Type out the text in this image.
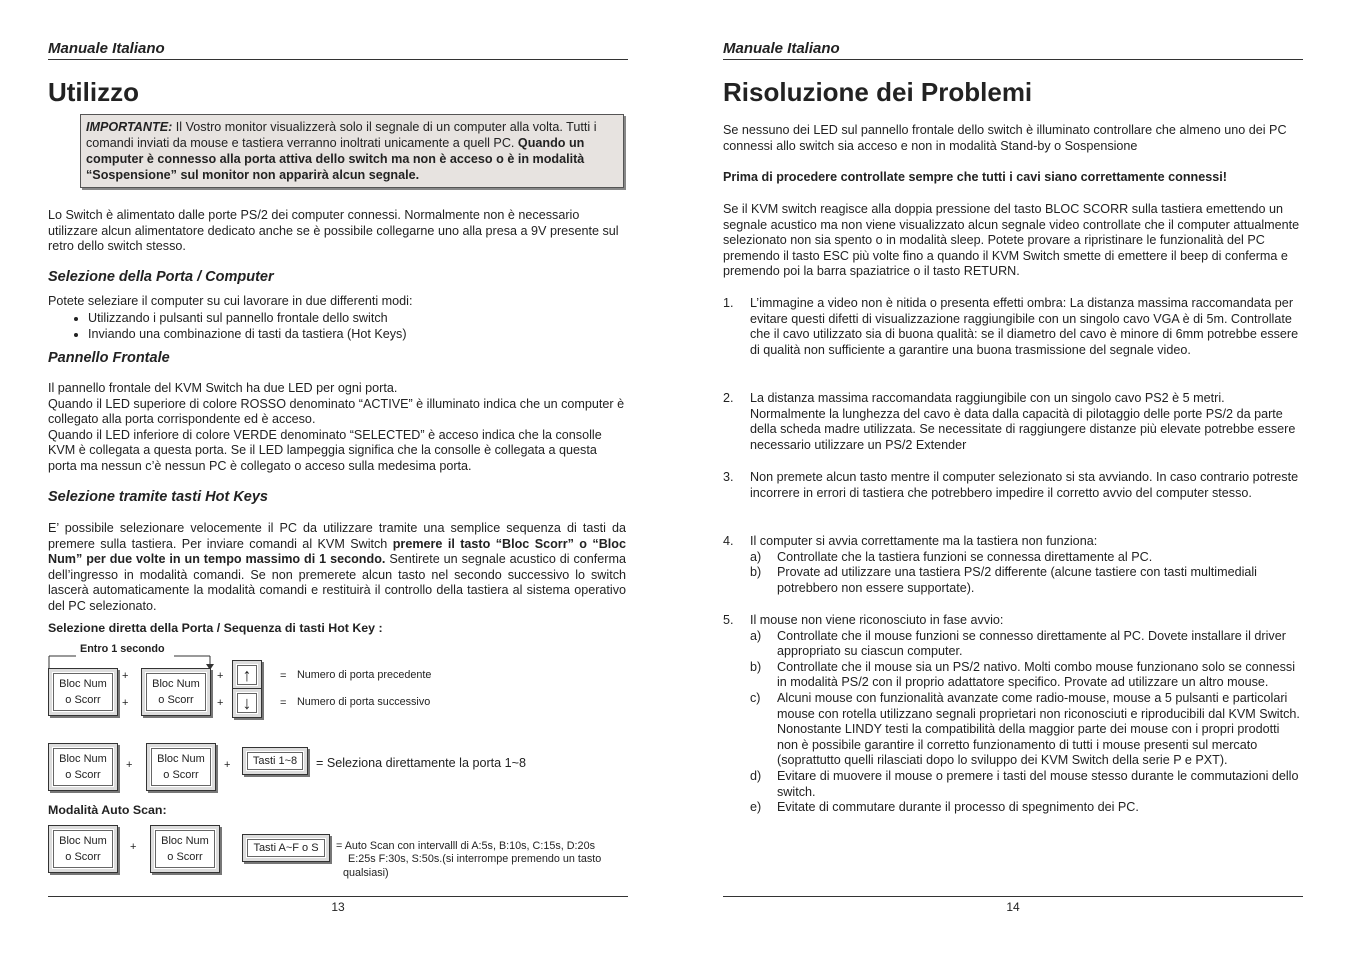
Manuale Italiano
Utilizzo
IMPORTANTE: Il Vostro monitor visualizzerà solo il segnale di un computer alla volta. Tutti i comandi inviati da mouse e tastiera verranno inoltrati unicamente a quell PC. Quando un computer è connesso alla porta attiva dello switch ma non è acceso o è in modalità “Sospensione” sul monitor non apparirà alcun segnale.

Lo Switch è alimentato dalle porte PS/2 dei computer connessi. Normalmente non è necessario utilizzare alcun alimentatore dedicato anche se è possibile collegarne uno alla presa a 9V presente sul retro dello switch stesso.

Selezione della Porta / Computer

Potete seleziare il computer su cui lavorare in due differenti modi:

• Utilizzando i pulsanti sul pannello frontale dello switch
• Inviando una combinazione di tasti da tastiera (Hot Keys)
Pannello Frontale

Il pannello frontale del KVM Switch ha due LED per ogni porta.

Quando il LED superiore di colore ROSSO denominato “ACTIVE” è illuminato indica che un computer è collegato alla porta corrispondente ed è acceso.

Quando il LED inferiore di colore VERDE denominato “SELECTED” è acceso indica che la consolle KVM è collegata a questa porta. Se il LED lampeggia significa che la consolle è collegata a questa porta ma nessun c’è nessun PC è collegato o acceso sulla medesima porta.

Selezione tramite tasti Hot Keys

E’ possibile selezionare velocemente il PC da utilizzare tramite una semplice sequenza di tasti da premere sulla tastiera. Per inviare comandi al KVM Switch premere il tasto “Bloc Scorr” o “Bloc Num” per due volte in un tempo massimo di 1 secondo. Sentirete un segnale acustico di conferma dell’ingresso in modalità comandi. Se non premerete alcun tasto nel secondo successivo lo switch lascerà automaticamente la modalità comandi e restituirà il controllo della tastiera al sistema operativo del PC selezionato.

Selezione diretta della Porta / Sequenza di tasti Hot Key :
Entro 1 secondo
Bloc Num
o Scorr
+
+
Bloc Num
o Scorr
+
+
↑
↓
= Numero di porta precedente
= Numero di porta successivo
Bloc Num
o Scorr
+	Bloc Num
o Scorr
+	Tasti 1~8	= Seleziona direttamente la porta 1~8
Modalità Auto Scan:
Bloc Num
o Scorr
+	Bloc Num
o Scorr
Tasti A~F o S	= Auto Scan con intervalll di A:5s, B:10s, C:15s, D:20s
E:25s F:30s, S:50s.(si interrompe premendo un tasto
qualsiasi)
13
Manuale Italiano
Risoluzione dei Problemi

Se nessuno dei LED sul pannello frontale dello switch è illuminato controllare che almeno uno dei PC connessi allo switch sia acceso e non in modalità Stand-by o Sospensione

Prima di procedere controllate sempre che tutti i cavi siano correttamente connessi!

Se il KVM switch reagisce alla doppia pressione del tasto BLOC SCORR sulla tastiera emettendo un segnale acustico ma non viene visualizzato alcun segnale video controllate che il computer attualmente selezionato non sia spento o in modalità sleep. Potete provare a ripristinare le funzionalità del PC premendo il tasto ESC più volte fino a quando il KVM Switch smette di emettere il beep di conferma e premendo poi la barra spaziatrice o il tasto RETURN.

1. L’immagine a video non è nitida o presenta effetti ombra: La distanza massima raccomandata per evitare questi difetti di visualizzazione raggiungibile con un singolo cavo VGA è di 5m. Controllate che il cavo utilizzato sia di buona qualità: se il diametro del cavo è minore di 6mm potrebbe essere di qualità non sufficiente a garantire una buona trasmissione del segnale video.
2. La distanza massima raccomandata raggiungibile con un singolo cavo PS2 è 5 metri. Normalmente la lunghezza del cavo è data dalla capacità di pilotaggio delle porte PS/2 da parte della scheda madre utilizzata. Se necessitate di raggiungere distanze più elevate potrebbe essere necessario utilizzare un PS/2 Extender
3. Non premete alcun tasto mentre il computer selezionato si sta avviando. In caso contrario potreste incorrere in errori di tastiera che potrebbero impedire il corretto avvio del computer stesso.
4. Il computer si avvia correttamente ma la tastiera non funziona:
a) Controllate che la tastiera funzioni se connessa direttamente al PC.
b) Provate ad utilizzare una tastiera PS/2 differente (alcune tastiere con tasti multimediali potrebbero non essere supportate).
5. Il mouse non viene riconosciuto in fase avvio:
a) Controllate che il mouse funzioni se connesso direttamente al PC. Dovete installare il driver appropriato su ciascun computer.
b) Controllate che il mouse sia un PS/2 nativo. Molti combo mouse funzionano solo se connessi in modalità PS/2 con il proprio adattatore specifico. Provate ad utilizzare un altro mouse.
c) Alcuni mouse con funzionalità avanzate come radio-mouse, mouse a 5 pulsanti e particolari mouse con rotella utilizzano segnali proprietari non riconosciuti e riproducibili dal KVM Switch. Nonostante LINDY testi la compatibilità della maggior parte dei mouse con i propri prodotti non è possibile garantire il corretto funzionamento di tutti i mouse presenti sul mercato (soprattutto quelli rilasciati dopo lo sviluppo dei KVM Switch della serie P e PXT).
d) Evitare di muovere il mouse o premere i tasti del mouse stesso durante le commutazioni dello switch.
e) Evitate di commutare durante il processo di spegnimento dei PC.
14
